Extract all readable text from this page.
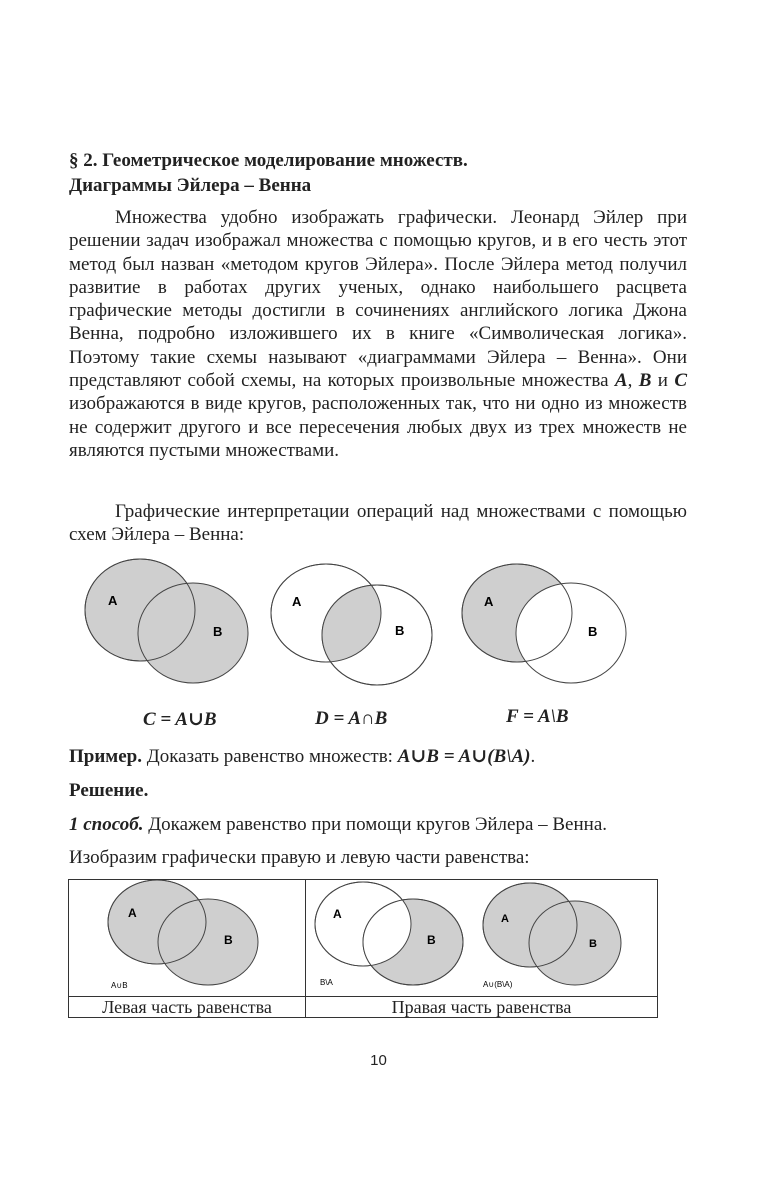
§ 2. Геометрическое моделирование множеств.
Диаграммы Эйлера – Венна
Множества удобно изображать графически. Леонард Эйлер при решении задач изображал множества с помощью кругов, и в его честь этот метод был назван «методом кругов Эйлера». После Эйлера метод получил развитие в работах других ученых, однако наибольшего расцвета графические методы достигли в сочинениях английского логика Джона Венна, подробно изложившего их в книге «Символическая логика». Поэтому такие схемы называют «диаграммами Эйлера – Венна». Они представляют собой схемы, на которых произвольные множества A, B и C изображаются в виде кругов, расположенных так, что ни одно из множеств не содержит другого и все пересечения любых двух из трех множеств не являются пустыми множествами.
Графические интерпретации операций над множествами с помощью схем Эйлера – Венна:
A
B
A
B
A
B
C = A∪B	D = A∩B	F = A\B
Пример. Доказать равенство множеств: A∪B = A∪(B\A).
Решение.
1 способ. Докажем равенство при помощи кругов Эйлера – Венна.
Изобразим графически правую и левую части равенства:
A
B
A∪B
A
B
B\A
A
B
A∪(B\A)
Левая часть равенства	Правая часть равенства
10
